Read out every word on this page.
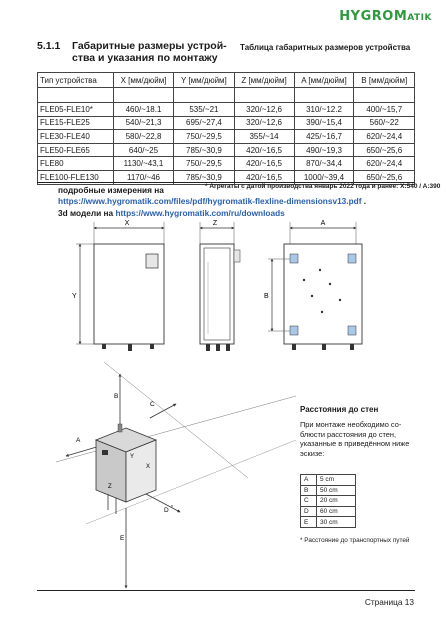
HYGROMATIK
5.1.1 Габаритные размеры устрой-ства и указания по монтажу
Таблица габаритных размеров устройства
Тип устройства	X [мм/дюйм]	Y [мм/дюйм]	Z [мм/дюйм]	A [мм/дюйм]	B [мм/дюйм]

FLE05-FLE10*	460/~18.1	535/~21	320/~12,6	310/~12.2	400/~15,7
FLE15-FLE25	540/~21,3	695/~27,4	320/~12,6	390/~15,4	560/~22
FLE30-FLE40	580/~22,8	750/~29,5	355/~14	425/~16,7	620/~24,4
FLE50-FLE65	640/~25	785/~30,9	420/~16,5	490/~19,3	650/~25,6
FLE80	1130/~43,1	750/~29,5	420/~16,5	870/~34,4	620/~24,4
FLE100-FLE130	1170/~46	785/~30,9	420/~16,5	1000/~39,4	650/~25,6
* Агрегаты с датой производства январь 2022 года и ранее: X:540 / A:390
подробные измерения на
https://www.hygromatik.com/files/pdf/hygromatik-flexline-dimensionsv13.pdf .
3d модели на https://www.hygromatik.com/ru/downloads
X
Y
Z	A
B
B
C
A
D *
E
Y
X
Z
Расстояния до стен
При монтаже необходимо со-блюсти расстояния до стен, указанные в приведённом ниже эскизе:
A	5 cm
B	50 cm
C	20 cm
D	60 cm
E	30 cm
* Расстояние до транспортных путей
Страница 13
